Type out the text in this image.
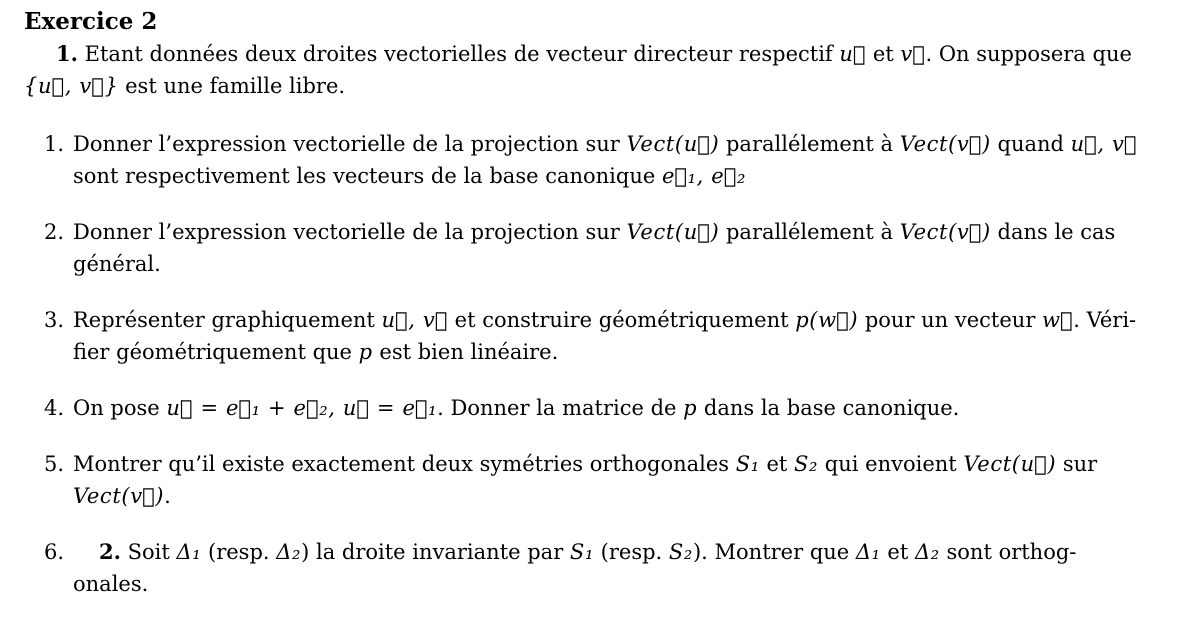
Exercice 2

1. Etant données deux droites vectorielles de vecteur directeur respectif u⃗ et v⃗. On supposera que
{u⃗, v⃗} est une famille libre.

1. Donner l’expression vectorielle de la projection sur Vect(u⃗) parallélement à Vect(v⃗) quand u⃗, v⃗
sont respectivement les vecteurs de la base canonique e⃗₁, e⃗₂
2. Donner l’expression vectorielle de la projection sur Vect(u⃗) parallélement à Vect(v⃗) dans le cas
général.
3. Représenter graphiquement u⃗, v⃗ et construire géométriquement p(w⃗) pour un vecteur w⃗. Véri-
fier géométriquement que p est bien linéaire.
4. On pose u⃗ = e⃗₁ + e⃗₂, u⃗ = e⃗₁. Donner la matrice de p dans la base canonique.
5. Montrer qu’il existe exactement deux symétries orthogonales S₁ et S₂ qui envoient Vect(u⃗) sur
Vect(v⃗).
6.	2. Soit Δ₁ (resp. Δ₂) la droite invariante par S₁ (resp. S₂). Montrer que Δ₁ et Δ₂ sont orthog-
onales.
